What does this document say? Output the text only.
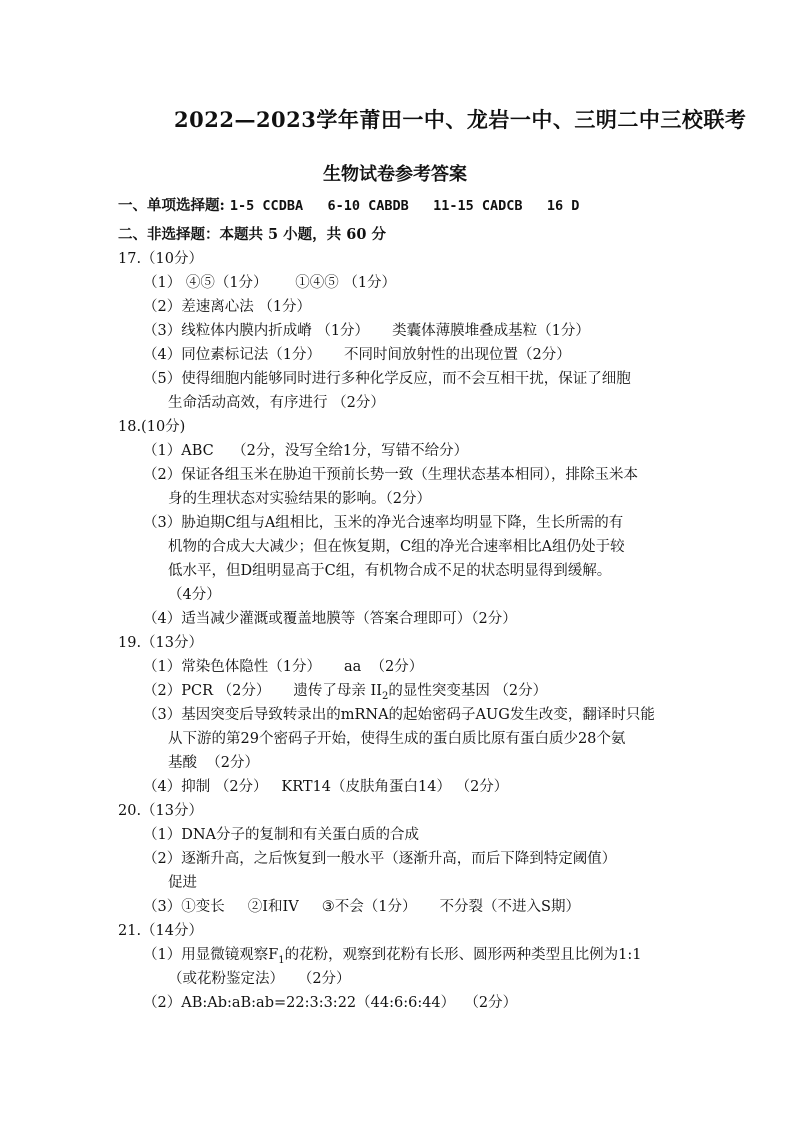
2022—2023学年莆田一中、龙岩一中、三明二中三校联考
生物试卷参考答案
一、单项选择题: 1-5 CCDBA   6-10 CABDB   11-15 CADCB   16 D
二、非选择题：本题共 5 小题，共 60 分
17.（10分）
（1） ④⑤（1分）      ①④⑤ （1分）
（2）差速离心法 （1分）
（3）线粒体内膜内折成嵴 （1分）     类囊体薄膜堆叠成基粒（1分）
（4）同位素标记法（1分）     不同时间放射性的出现位置（2分）
（5）使得细胞内能够同时进行多种化学反应，而不会互相干扰，保证了细胞
生命活动高效，有序进行 （2分）
18.(10分)
（1）ABC    （2分，没写全给1分，写错不给分）
（2）保证各组玉米在胁迫干预前长势一致（生理状态基本相同），排除玉米本
身的生理状态对实验结果的影响。（2分）
（3）胁迫期C组与A组相比，玉米的净光合速率均明显下降，生长所需的有
机物的合成大大减少；但在恢复期，C组的净光合速率相比A组仍处于较
低水平，但D组明显高于C组，有机物合成不足的状态明显得到缓解。
（4分）
（4）适当减少灌溉或覆盖地膜等（答案合理即可）（2分）
19.（13分）
（1）常染色体隐性（1分）     aa  （2分）
（2）PCR （2分）     遗传了母亲 $II_2$的显性突变基因 （2分）
（3）基因突变后导致转录出的mRNA的起始密码子AUG发生改变，翻译时只能
从下游的第29个密码子开始，使得生成的蛋白质比原有蛋白质少28个氨
基酸  （2分）
（4）抑制 （2分）   KRT14（皮肤角蛋白14） （2分）
20.（13分）
（1）DNA分子的复制和有关蛋白质的合成
（2）逐渐升高，之后恢复到一般水平（逐渐升高，而后下降到特定阈值）
促进
（3）①变长     ②I和IV     ③不会（1分）     不分裂（不进入S期）
21.（14分）
（1）用显微镜观察$F_1$的花粉，观察到花粉有长形、圆形两种类型且比例为1:1
（或花粉鉴定法）   （2分）
（2）AB:Ab:aB:ab=22:3:3:22（44:6:6:44）  （2分）
